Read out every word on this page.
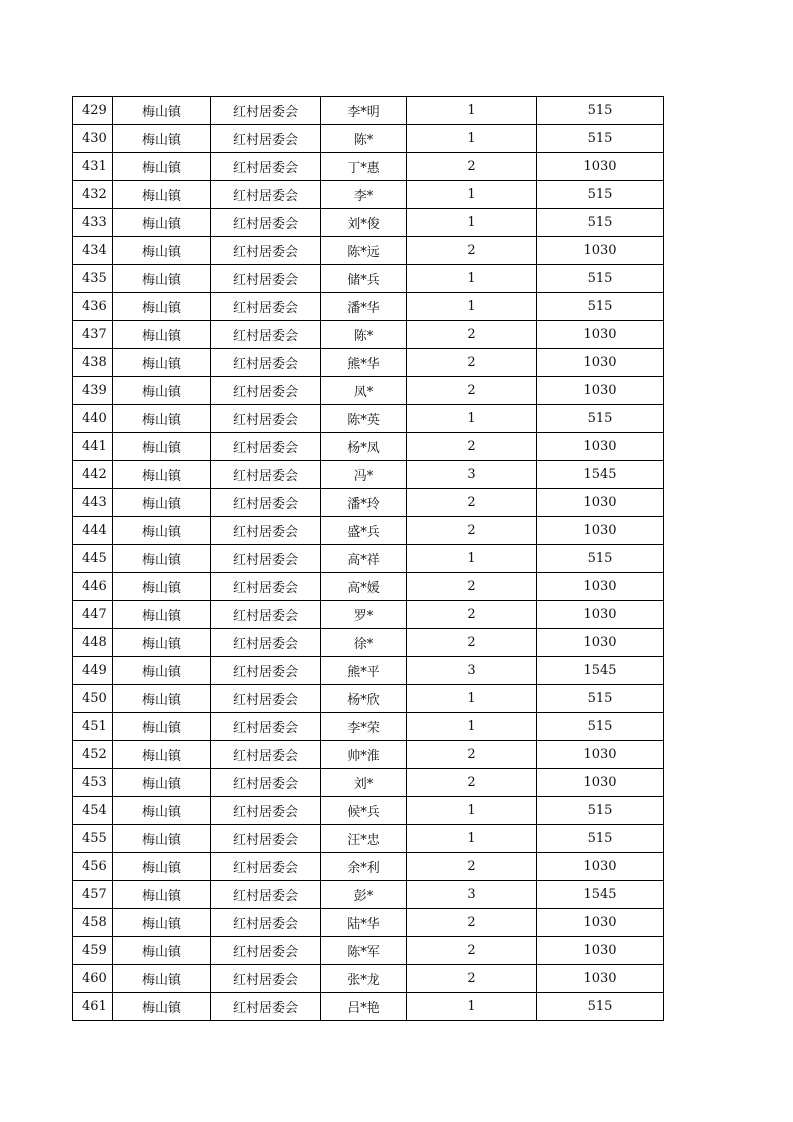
429	梅山镇	红村居委会	李*明	1	515
430	梅山镇	红村居委会	陈*	1	515
431	梅山镇	红村居委会	丁*惠	2	1030
432	梅山镇	红村居委会	李*	1	515
433	梅山镇	红村居委会	刘*俊	1	515
434	梅山镇	红村居委会	陈*远	2	1030
435	梅山镇	红村居委会	储*兵	1	515
436	梅山镇	红村居委会	潘*华	1	515
437	梅山镇	红村居委会	陈*	2	1030
438	梅山镇	红村居委会	熊*华	2	1030
439	梅山镇	红村居委会	凤*	2	1030
440	梅山镇	红村居委会	陈*英	1	515
441	梅山镇	红村居委会	杨*凤	2	1030
442	梅山镇	红村居委会	冯*	3	1545
443	梅山镇	红村居委会	潘*玲	2	1030
444	梅山镇	红村居委会	盛*兵	2	1030
445	梅山镇	红村居委会	高*祥	1	515
446	梅山镇	红村居委会	高*媛	2	1030
447	梅山镇	红村居委会	罗*	2	1030
448	梅山镇	红村居委会	徐*	2	1030
449	梅山镇	红村居委会	熊*平	3	1545
450	梅山镇	红村居委会	杨*欣	1	515
451	梅山镇	红村居委会	李*荣	1	515
452	梅山镇	红村居委会	帅*淮	2	1030
453	梅山镇	红村居委会	刘*	2	1030
454	梅山镇	红村居委会	候*兵	1	515
455	梅山镇	红村居委会	汪*忠	1	515
456	梅山镇	红村居委会	余*利	2	1030
457	梅山镇	红村居委会	彭*	3	1545
458	梅山镇	红村居委会	陆*华	2	1030
459	梅山镇	红村居委会	陈*军	2	1030
460	梅山镇	红村居委会	张*龙	2	1030
461	梅山镇	红村居委会	吕*艳	1	515
